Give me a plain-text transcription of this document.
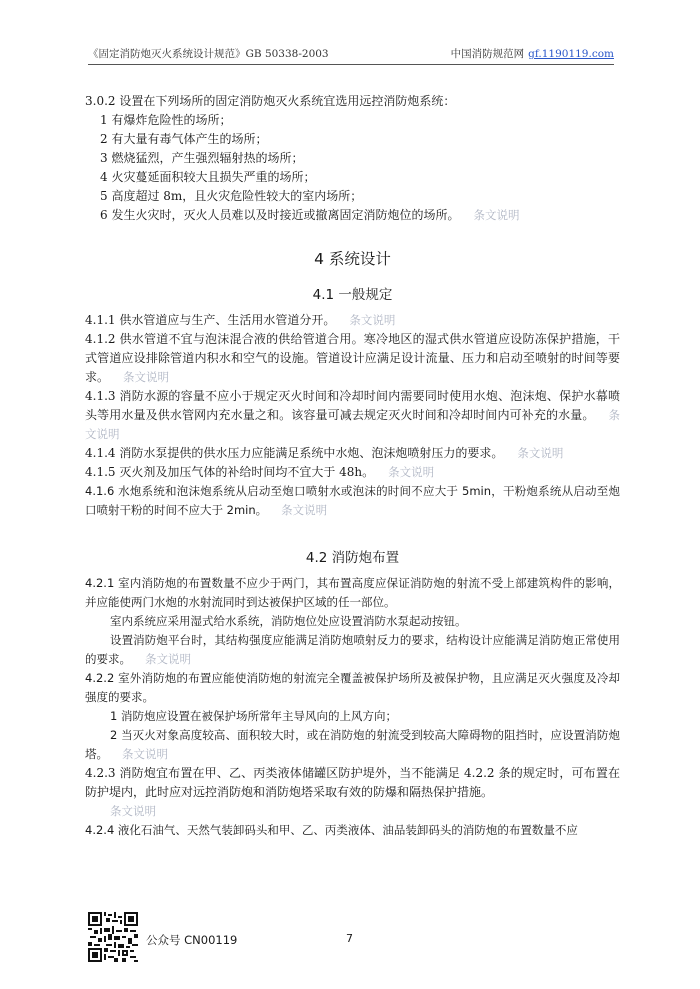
《固定消防炮灭火系统设计规范》GB 50338-2003	中国消防规范网 gf.1190119.com

3.0.2 设置在下列场所的固定消防炮灭火系统宜选用远控消防炮系统：

1 有爆炸危险性的场所；

2 有大量有毒气体产生的场所；

3 燃烧猛烈，产生强烈辐射热的场所；

4 火灾蔓延面积较大且损失严重的场所；

5 高度超过 8m，且火灾危险性较大的室内场所；

6 发生火灾时，灭火人员难以及时接近或撤离固定消防炮位的场所。 条文说明

4 系统设计
4.1 一般规定

4.1.1 供水管道应与生产、生活用水管道分开。 条文说明

4.1.2 供水管道不宜与泡沫混合液的供给管道合用。寒冷地区的湿式供水管道应设防冻保护措施，干式管道应设排除管道内积水和空气的设施。管道设计应满足设计流量、压力和启动至喷射的时间等要求。 条文说明

4.1.3 消防水源的容量不应小于规定灭火时间和冷却时间内需要同时使用水炮、泡沫炮、保护水幕喷头等用水量及供水管网内充水量之和。该容量可减去规定灭火时间和冷却时间内可补充的水量。 条文说明

4.1.4 消防水泵提供的供水压力应能满足系统中水炮、泡沫炮喷射压力的要求。 条文说明

4.1.5 灭火剂及加压气体的补给时间均不宜大于 48h。 条文说明

4.1.6 水炮系统和泡沫炮系统从启动至炮口喷射水或泡沫的时间不应大于 5min，干粉炮系统从启动至炮口喷射干粉的时间不应大于 2min。 条文说明

4.2 消防炮布置

4.2.1 室内消防炮的布置数量不应少于两门，其布置高度应保证消防炮的射流不受上部建筑构件的影响，并应能使两门水炮的水射流同时到达被保护区域的任一部位。

室内系统应采用湿式给水系统，消防炮位处应设置消防水泵起动按钮。

设置消防炮平台时，其结构强度应能满足消防炮喷射反力的要求，结构设计应能满足消防炮正常使用的要求。 条文说明

4.2.2 室外消防炮的布置应能使消防炮的射流完全覆盖被保护场所及被保护物，且应满足灭火强度及冷却强度的要求。

1 消防炮应设置在被保护场所常年主导风向的上风方向；

2 当灭火对象高度较高、面积较大时，或在消防炮的射流受到较高大障碍物的阻挡时，应设置消防炮塔。 条文说明

4.2.3 消防炮宜布置在甲、乙、丙类液体储罐区防护堤外，当不能满足 4.2.2 条的规定时，可布置在防护堤内，此时应对远控消防炮和消防炮塔采取有效的防爆和隔热保护措施。

条文说明

4.2.4 液化石油气、天然气装卸码头和甲、乙、丙类液体、油品装卸码头的消防炮的布置数量不应

公众号 CN00119	7
